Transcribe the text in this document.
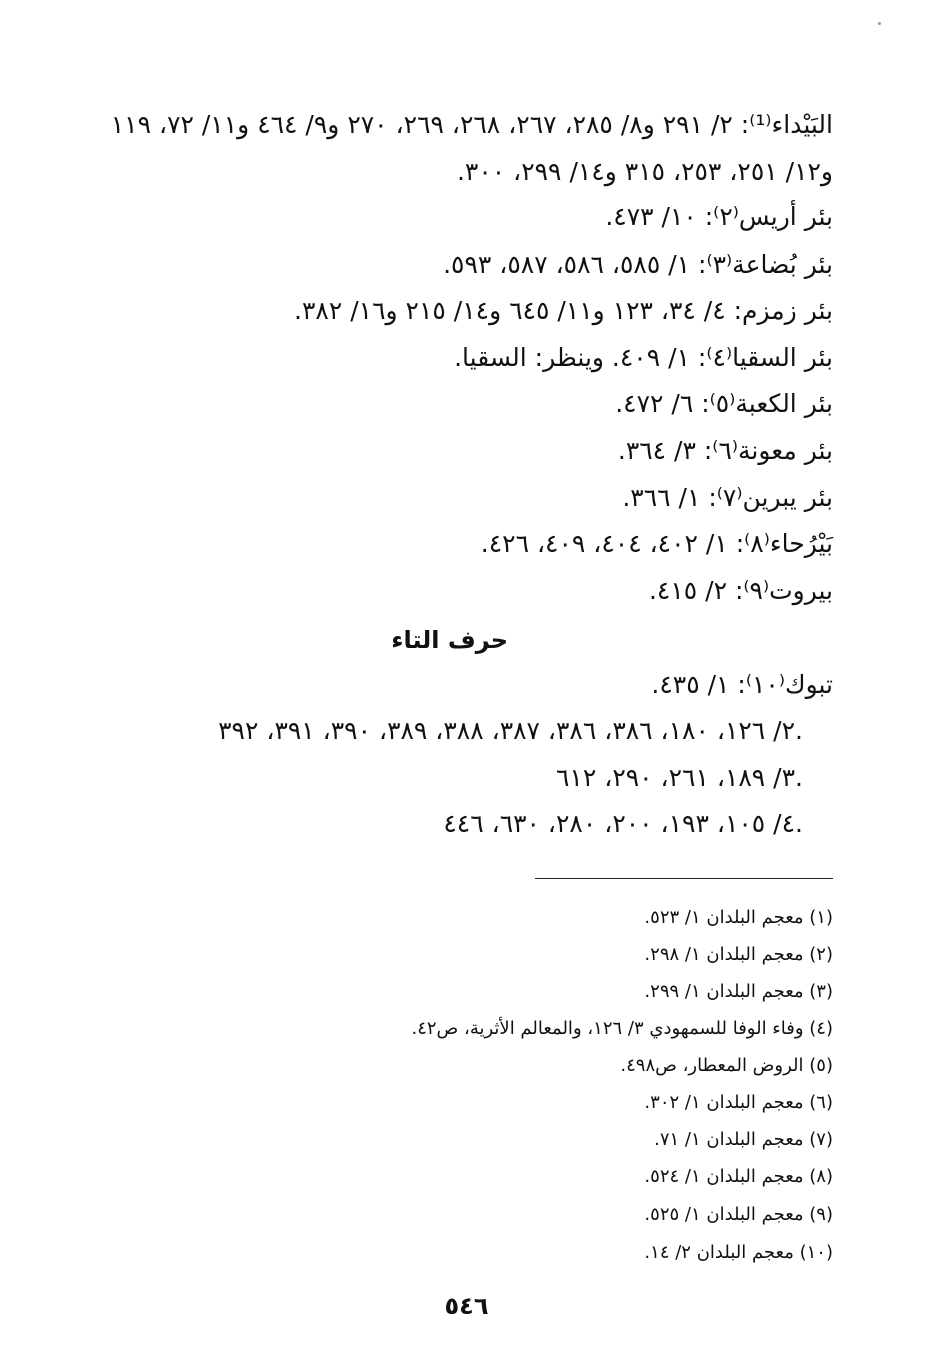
البَيْداء⁽¹⁾: ٢/ ٢٩١ و٨/ ٢٨٥، ٢٦٧، ٢٦٨، ٢٦٩، ٢٧٠ و٩/ ٤٦٤ و١١/ ٧٢، ١١٩
و١٢/ ٢٥١، ٢٥٣، ٣١٥ و١٤/ ٢٩٩، ٣٠٠.
بئر أريس⁽٢⁾: ١٠/ ٤٧٣.
بئر بُضاعة⁽٣⁾: ١/ ٥٨٥، ٥٨٦، ٥٨٧، ٥٩٣.
بئر زمزم: ٤/ ٣٤، ١٢٣ و١١/ ٦٤٥ و١٤/ ٢١٥ و١٦/ ٣٨٢.
بئر السقيا⁽٤⁾: ١/ ٤٠٩. وينظر: السقيا.
بئر الكعبة⁽٥⁾: ٦/ ٤٧٢.
بئر معونة⁽٦⁾: ٣/ ٣٦٤.
بئر يبرين⁽٧⁾: ١/ ٣٦٦.
بَيْرُحاء⁽٨⁾: ١/ ٤٠٢، ٤٠٤، ٤٠٩، ٤٢٦.
بيروت⁽٩⁾: ٢/ ٤١٥.
حرف التاء
تبوك⁽١٠⁾: ١/ ٤٣٥.
٢/ ١٢٦، ١٨٠، ٣٨٦، ٣٨٦، ٣٨٧، ٣٨٨، ٣٨٩، ٣٩٠، ٣٩١، ٣٩٢.
٣/ ١٨٩، ٢٦١، ٢٩٠، ٦١٢.
٤/ ١٠٥، ١٩٣، ٢٠٠، ٢٨٠، ٦٣٠، ٤٤٦.
(١) معجم البلدان ١/ ٥٢٣.
(٢) معجم البلدان ١/ ٢٩٨.
(٣) معجم البلدان ١/ ٢٩٩.
(٤) وفاء الوفا للسمهودي ٣/ ١٢٦، والمعالم الأثرية، ص٤٢.
(٥) الروض المعطار، ص٤٩٨.
(٦) معجم البلدان ١/ ٣٠٢.
(٧) معجم البلدان ١/ ٧١.
(٨) معجم البلدان ١/ ٥٢٤.
(٩) معجم البلدان ١/ ٥٢٥.
(١٠) معجم البلدان ٢/ ١٤.
٥٤٦
